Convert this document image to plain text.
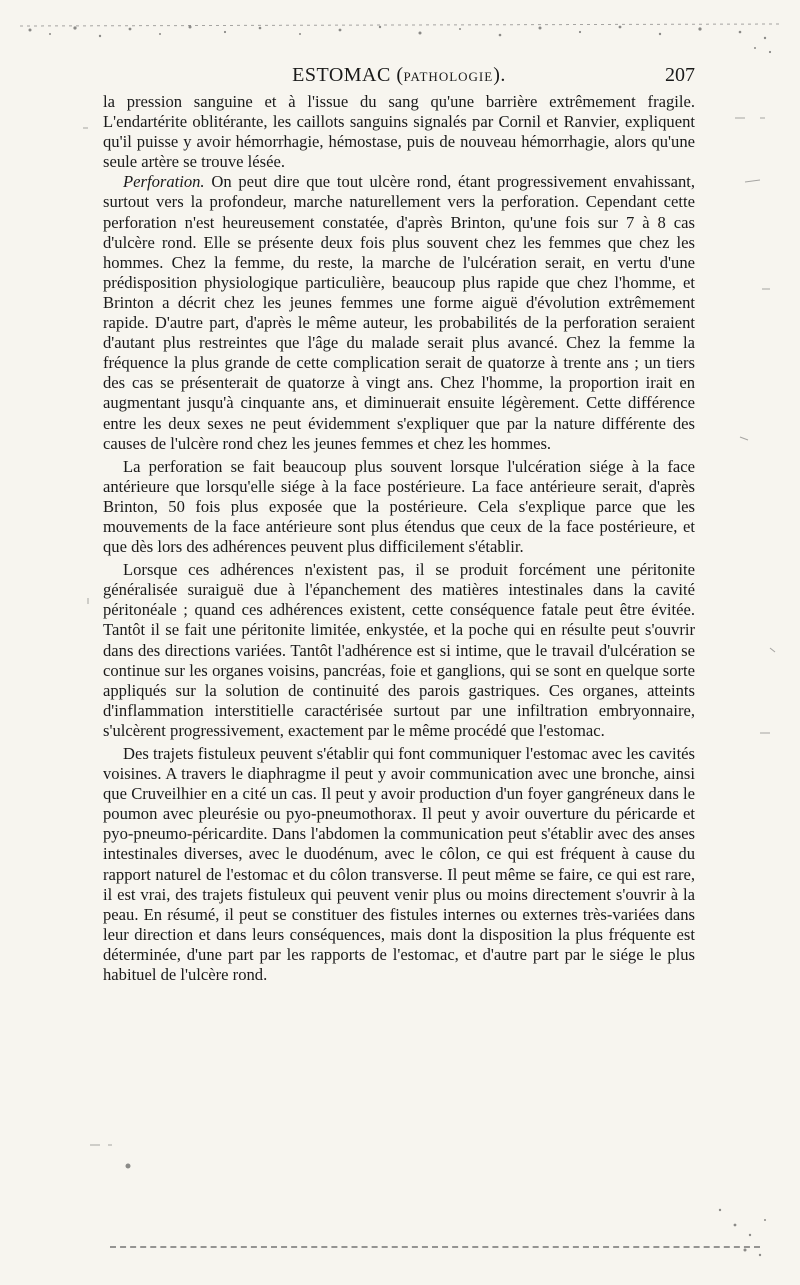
ESTOMAC (PATHOLOGIE).	207

la pression sanguine et à l'issue du sang qu'une barrière extrêmement fragile. L'endartérite oblitérante, les caillots sanguins signalés par Cornil et Ranvier, expliquent qu'il puisse y avoir hémorrhagie, hémostase, puis de nouveau hémorrhagie, alors qu'une seule artère se trouve lésée.

Perforation. On peut dire que tout ulcère rond, étant progressivement envahissant, surtout vers la profondeur, marche naturellement vers la perforation. Cependant cette perforation n'est heureusement constatée, d'après Brinton, qu'une fois sur 7 à 8 cas d'ulcère rond. Elle se présente deux fois plus souvent chez les femmes que chez les hommes. Chez la femme, du reste, la marche de l'ulcération serait, en vertu d'une prédisposition physiologique particulière, beaucoup plus rapide que chez l'homme, et Brinton a décrit chez les jeunes femmes une forme aiguë d'évolution extrêmement rapide. D'autre part, d'après le même auteur, les probabilités de la perforation seraient d'autant plus restreintes que l'âge du malade serait plus avancé. Chez la femme la fréquence la plus grande de cette complication serait de quatorze à trente ans ; un tiers des cas se présenterait de quatorze à vingt ans. Chez l'homme, la proportion irait en augmentant jusqu'à cinquante ans, et diminuerait ensuite légèrement. Cette différence entre les deux sexes ne peut évidemment s'expliquer que par la nature différente des causes de l'ulcère rond chez les jeunes femmes et chez les hommes.

La perforation se fait beaucoup plus souvent lorsque l'ulcération siége à la face antérieure que lorsqu'elle siége à la face postérieure. La face antérieure serait, d'après Brinton, 50 fois plus exposée que la postérieure. Cela s'explique parce que les mouvements de la face antérieure sont plus étendus que ceux de la face postérieure, et que dès lors des adhérences peuvent plus difficilement s'établir.

Lorsque ces adhérences n'existent pas, il se produit forcément une péritonite généralisée suraiguë due à l'épanchement des matières intestinales dans la cavité péritonéale ; quand ces adhérences existent, cette conséquence fatale peut être évitée. Tantôt il se fait une péritonite limitée, enkystée, et la poche qui en résulte peut s'ouvrir dans des directions variées. Tantôt l'adhérence est si intime, que le travail d'ulcération se continue sur les organes voisins, pancréas, foie et ganglions, qui se sont en quelque sorte appliqués sur la solution de continuité des parois gastriques. Ces organes, atteints d'inflammation interstitielle caractérisée surtout par une infiltration embryonnaire, s'ulcèrent progressivement, exactement par le même procédé que l'estomac.

Des trajets fistuleux peuvent s'établir qui font communiquer l'estomac avec les cavités voisines. A travers le diaphragme il peut y avoir communication avec une bronche, ainsi que Cruveilhier en a cité un cas. Il peut y avoir production d'un foyer gangréneux dans le poumon avec pleurésie ou pyo-pneumothorax. Il peut y avoir ouverture du péricarde et pyo-pneumo-péricardite. Dans l'abdomen la communication peut s'établir avec des anses intestinales diverses, avec le duodénum, avec le côlon, ce qui est fréquent à cause du rapport naturel de l'estomac et du côlon transverse. Il peut même se faire, ce qui est rare, il est vrai, des trajets fistuleux qui peuvent venir plus ou moins directement s'ouvrir à la peau. En résumé, il peut se constituer des fistules internes ou externes très-variées dans leur direction et dans leurs conséquences, mais dont la disposition la plus fréquente est déterminée, d'une part par les rapports de l'estomac, et d'autre part par le siége le plus habituel de l'ulcère rond.
